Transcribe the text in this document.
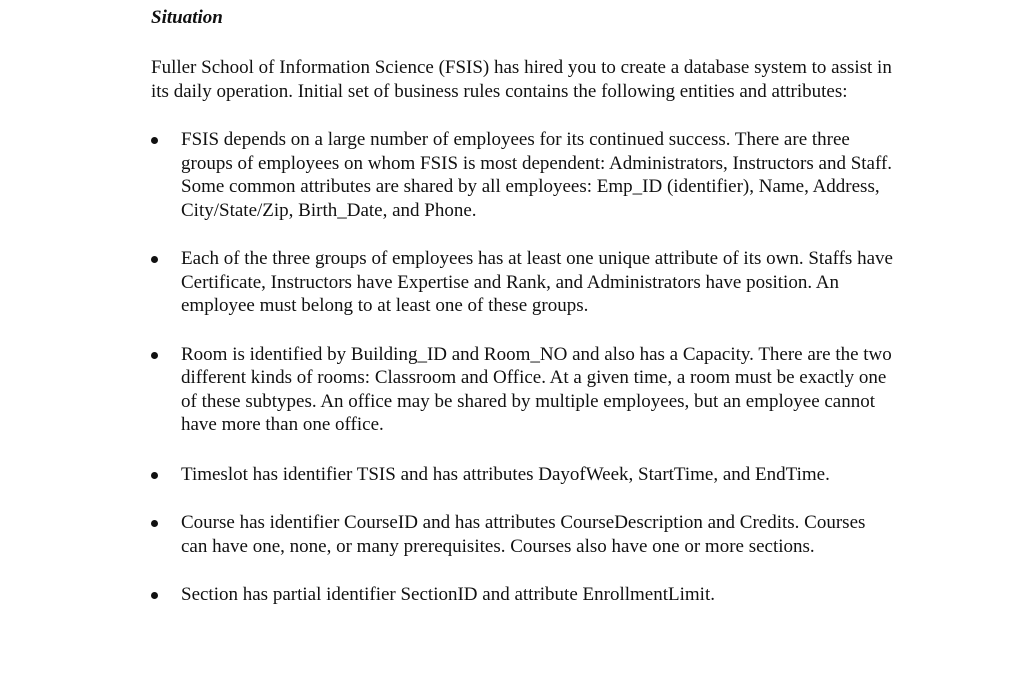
Situation

Fuller School of Information Science (FSIS) has hired you to create a database system to assist in its daily operation. Initial set of business rules contains the following entities and attributes:

FSIS depends on a large number of employees for its continued success. There are three groups of employees on whom FSIS is most dependent: Administrators, Instructors and Staff. Some common attributes are shared by all employees: Emp_ID (identifier), Name, Address, City/State/Zip, Birth_Date, and Phone.
Each of the three groups of employees has at least one unique attribute of its own. Staffs have Certificate, Instructors have Expertise and Rank, and Administrators have position. An employee must belong to at least one of these groups.
Room is identified by Building_ID and Room_NO and also has a Capacity. There are the two different kinds of rooms: Classroom and Office. At a given time, a room must be exactly one of these subtypes. An office may be shared by multiple employees, but an employee cannot have more than one office.
Timeslot has identifier TSIS and has attributes DayofWeek, StartTime, and EndTime.
Course has identifier CourseID and has attributes CourseDescription and Credits. Courses can have one, none, or many prerequisites. Courses also have one or more sections.
Section has partial identifier SectionID and attribute EnrollmentLimit.
